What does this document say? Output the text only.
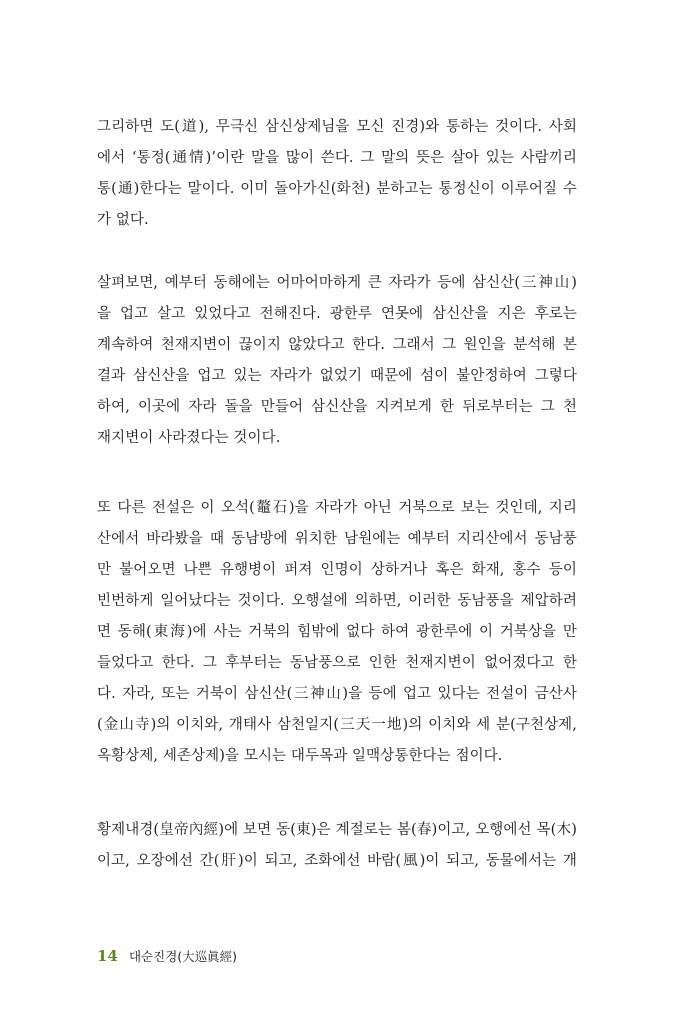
그리하면 도(道), 무극신 삼신상제님을 모신 진경)와 통하는 것이다. 사회
에서 ‘통정(通情)’이란 말을 많이 쓴다. 그 말의 뜻은 살아 있는 사람끼리
통(通)한다는 말이다. 이미 돌아가신(화천) 분하고는 통정신이 이루어질 수
가 없다.
살펴보면, 예부터 동해에는 어마어마하게 큰 자라가 등에 삼신산(三神山)
을 업고 살고 있었다고 전해진다. 광한루 연못에 삼신산을 지은 후로는
계속하여 천재지변이 끊이지 않았다고 한다. 그래서 그 원인을 분석해 본
결과 삼신산을 업고 있는 자라가 없었기 때문에 섬이 불안정하여 그렇다
하여, 이곳에 자라 돌을 만들어 삼신산을 지켜보게 한 뒤로부터는 그 천
재지변이 사라졌다는 것이다.
또 다른 전설은 이 오석(鼇石)을 자라가 아닌 거북으로 보는 것인데, 지리
산에서 바라봤을 때 동남방에 위치한 남원에는 예부터 지리산에서 동남풍
만 불어오면 나쁜 유행병이 퍼져 인명이 상하거나 혹은 화재, 홍수 등이
빈번하게 일어났다는 것이다. 오행설에 의하면, 이러한 동남풍을 제압하려
면 동해(東海)에 사는 거북의 힘밖에 없다 하여 광한루에 이 거북상을 만
들었다고 한다. 그 후부터는 동남풍으로 인한 천재지변이 없어졌다고 한
다. 자라, 또는 거북이 삼신산(三神山)을 등에 업고 있다는 전설이 금산사
(金山寺)의 이치와, 개태사 삼천일지(三天一地)의 이치와 세 분(구천상제,
옥황상제, 세존상제)을 모시는 대두목과 일맥상통한다는 점이다.
황제내경(皇帝內經)에 보면 동(東)은 계절로는 봄(春)이고, 오행에선 목(木)
이고, 오장에선 간(肝)이 되고, 조화에선 바람(風)이 되고, 동물에서는 개
14 대순진경(大巡眞經)
